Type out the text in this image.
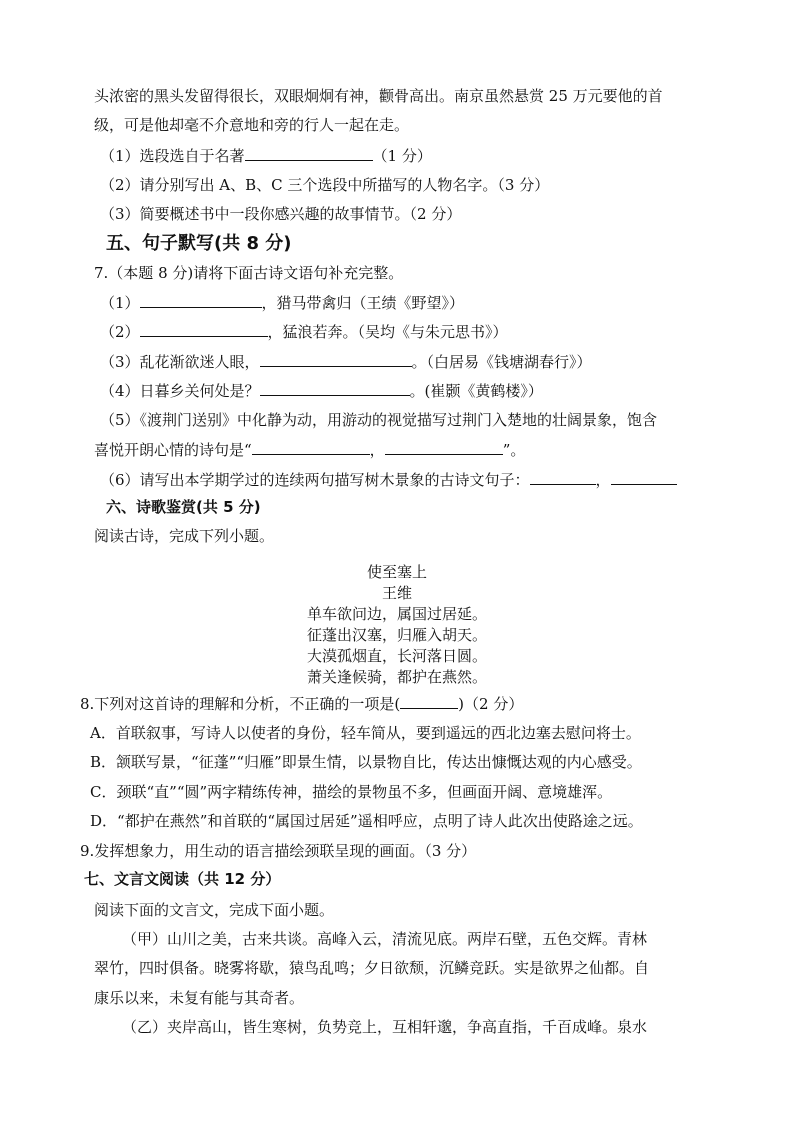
头浓密的黑头发留得很长，双眼炯炯有神，颧骨高出。南京虽然悬赏 25 万元要他的首
级，可是他却毫不介意地和旁的行人一起在走。
（1）选段选自于名著	（1 分）
（2）请分别写出 A、B、C 三个选段中所描写的人物名字。（3 分）
（3）简要概述书中一段你感兴趣的故事情节。（2 分）
五、句子默写(共 8 分)
7.（本题 8 分)请将下面古诗文语句补充完整。
（1）	，猎马带禽归（王绩《野望》）
（2）	，猛浪若奔。（吴均《与朱元思书》）
（3）乱花渐欲迷人眼，	。（白居易《钱塘湖春行》）
（4）日暮乡关何处是？	。(崔颢《黄鹤楼》）
（5）《渡荆门送别》中化静为动，用游动的视觉描写过荆门入楚地的壮阔景象，饱含
喜悦开朗心情的诗句是“	，	”。
（6）请写出本学期学过的连续两句描写树木景象的古诗文句子：	，
六、诗歌鉴赏(共 5 分)
阅读古诗，完成下列小题。
使至塞上
王维
单车欲问边，属国过居延。
征蓬出汉塞，归雁入胡天。
大漠孤烟直，长河落日圆。
萧关逢候骑，都护在燕然。
8.下列对这首诗的理解和分析，不正确的一项是(	)（2 分）
A．首联叙事，写诗人以使者的身份，轻车简从，要到遥远的西北边塞去慰问将士。
B．颔联写景，“征蓬”“归雁”即景生情，以景物自比，传达出慷慨达观的内心感受。
C．颈联“直”“圆”两字精练传神，描绘的景物虽不多，但画面开阔、意境雄浑。
D．“都护在燕然”和首联的“属国过居延”遥相呼应，点明了诗人此次出使路途之远。
9.发挥想象力，用生动的语言描绘颈联呈现的画面。（3 分）
七、文言文阅读（共 12 分）
阅读下面的文言文，完成下面小题。
（甲）山川之美，古来共谈。高峰入云，清流见底。两岸石壁，五色交辉。青林
翠竹，四时俱备。晓雾将歇，猿鸟乱鸣；夕日欲颓，沉鳞竞跃。实是欲界之仙都。自
康乐以来，未复有能与其奇者。
（乙）夹岸高山，皆生寒树，负势竞上，互相轩邈，争高直指，千百成峰。泉水
